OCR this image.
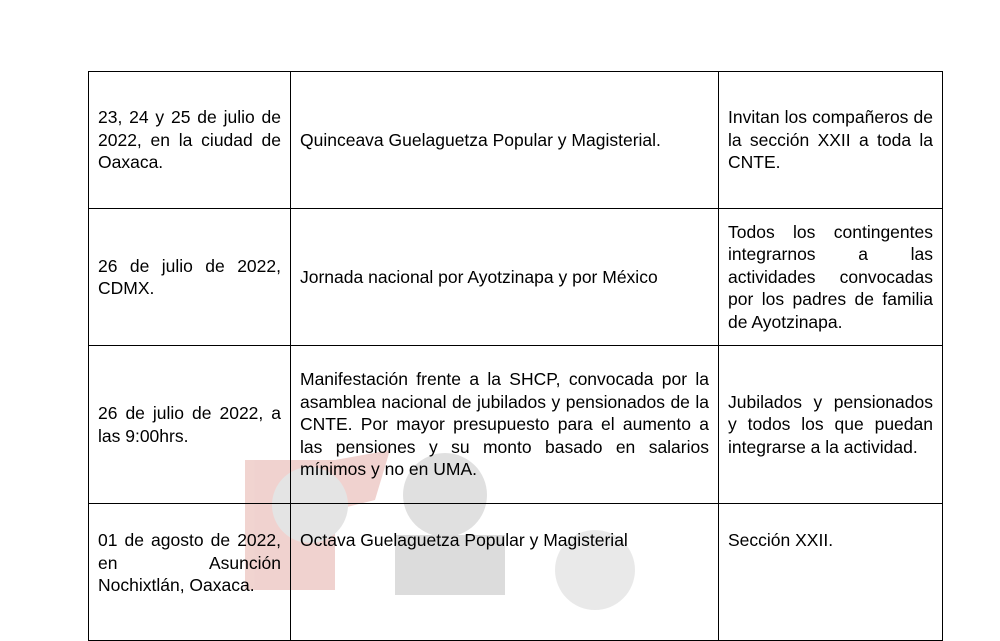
23, 24 y 25 de julio de 2022, en la ciudad de Oaxaca.	Quinceava Guelaguetza Popular y Magisterial.	Invitan los compañeros de la sección XXII a toda la CNTE.
26 de julio de 2022, CDMX.	Jornada nacional por Ayotzinapa y por México	Todos los contingentes integrarnos a las actividades convocadas por los padres de familia de Ayotzinapa.
26 de julio de 2022, a las 9:00hrs.	Manifestación frente a la SHCP, convocada por la asamblea nacional de jubilados y pensionados de la CNTE. Por mayor presupuesto para el aumento a las pensiones y su monto basado en salarios mínimos y no en UMA.	Jubilados y pensionados y todos los que puedan integrarse a la actividad.

01 de agosto de 2022, en Asunción Nochixtlán, Oaxaca.	Octava Guelaguetza Popular y Magisterial	Sección XXII.
